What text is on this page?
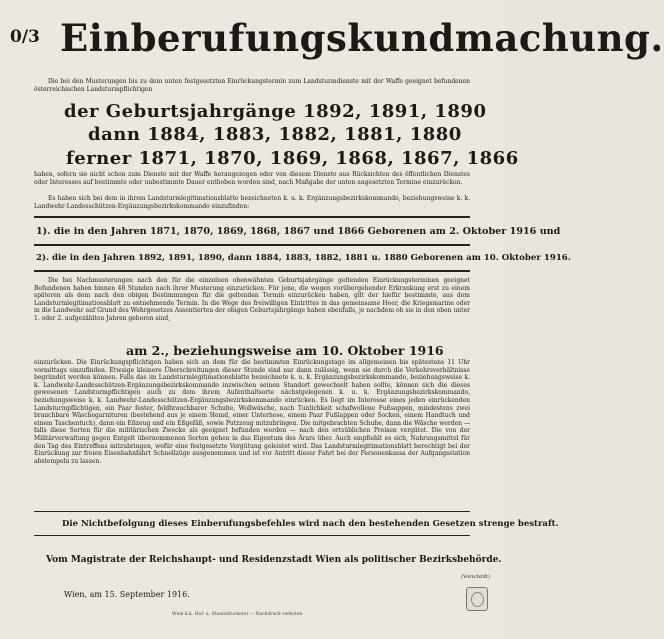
0/3 Einberufungskundmachung.
Die bei den Musterungen bis zu dem unten festgesetzten Einrückungstermin zum Landsturmdienste mit der Waffe geeignet befundenen österreichischen Landsturmpflichtigen
der Geburtsjahrgänge 1892, 1891, 1890
dann 1884, 1883, 1882, 1881, 1880
ferner 1871, 1870, 1869, 1868, 1867, 1866
haben, sofern sie nicht schon zum Dienste mit der Waffe herangezogen oder von diesem Dienste aus Rücksichten des öffentlichen Dienstes oder Interesses auf bestimmte oder unbestimmte Dauer enthoben worden sind, nach Maßgabe der unten angesetzten Termine einzurücken.
Es haben sich bei dem in ihrem Landsturmlegitimationsblatte bezeichneten k. u. k. Ergänzungsbezirkskommando, beziehungsweise k. k. Landwehr-Landesschützen-Ergänzungsbezirkskommando einzufinden:
1). die in den Jahren 1871, 1870, 1869, 1868, 1867 und 1866 Geborenen am 2. Oktober 1916 und
2). die in den Jahren 1892, 1891, 1890, dann 1884, 1883, 1882, 1881 u. 1880 Geborenen am 10. Oktober 1916.
Die bei Nachmusterungen nach den für die einzelnen obenwähnten Geburtsjahrgänge geltenden Einrückungsterminen geeignet Befundenen haben binnen 48 Stunden nach ihrer Musterung einzurücken. Für jene, die wegen vorübergehender Erkrankung erst zu einem späteren als dem nach den obigen Bestimmungen für die geltenden Termin einzurücken haben, gilt der hiefür bestimmte, aus dem Landsturmlegitimationsblatt zu entnehmende Termin. In die Wege des freiwilligen Eintrittes in das gemeinsame Heer, die Kriegsmarine oder in die Landwehr auf Grund des Wehrgesetzes Assentierten der obigen Geburtsjahrgänge haben ebenfalls, je nachdem ob sie in den oben unter 1. oder 2. aufgezählten Jahren geboren sind,
am 2., beziehungsweise am 10. Oktober 1916
einzurücken. Die Einrückungspflichtigen haben sich an dem für die bestimmten Einrückungstage im allgemeinen bis spätestens 11 Uhr vormittags einzufinden. Etwaige kleinere Überschreitungen dieser Stunde sind nur dann zulässig, wenn sie durch die Verkehrsverhältnisse begründet werden können. Falls das im Landsturmlegitimationsblatte bezeichnete k. u. k. Ergänzungsbezirkskommando, beziehungsweise k. k. Landwehr-Landesschützen-Ergänzungsbezirkskommando inzwischen seinen Standort gewechselt haben sollte, können sich die dieses gewesenen Landsturmpflichtigen auch zu dem ihrem Aufenthaltsorte nächstgelegenen k. u. k. Ergänzungsbezirkskommando, beziehungsweise k. k. Landwehr-Landesschützen-Ergänzungsbezirkskommando einrücken. Es liegt im Interesse eines jeden einrückenden Landsturmpflichtigen, ein Paar fester, feldbrauchbarer Schuhe, Wollwäsche, nach Tunlichkeit schafwollene Fußsappen, mindestens zwei brauchbare Wäschegarnituren (bestehend aus je einem Hemd, einer Unterhose, einem Paar Fußlappen oder Socken, einem Handtuch und einem Taschentuch), dann ein Eßzeug und ein Eßgefäß, sowie Putzzeug mitzubringen. Die mitgebrachten Schuhe, dann die Wäsche werden — falls diese Sorten für die militärischen Zwecke als geeignet befunden werden — nach den ortsüblichen Preisen vergütet. Die von der Militärverwaltung gegen Entgelt übernommenen Sorten gehen in das Eigentum des Ärars über. Auch empfiehlt es sich, Nahrungsmittel für den Tag des Eintreffens mitzubringen, wofür eine festgesetzte Vergütung geleistet wird. Das Landsturmlegitimationsblatt berechtigt bei der Einrückung zur freien Eisenbahnfahrt Schnellzüge ausgenommen und ist vor Antritt dieser Fahrt bei der Personenkassa der Aufgangsstation abstempeln zu lassen.
Die Nichtbefolgung dieses Einberufungsbefehles wird nach den bestehenden Gesetzen strenge bestraft.
Vom Magistrate der Reichshaupt- und Residenzstadt Wien als politischer Bezirksbehörde.
Wien, am 15. September 1916.
(Vorschrift)
Wien k.k. Hof- u. Staatsdruckerei — Nachdruck verboten
